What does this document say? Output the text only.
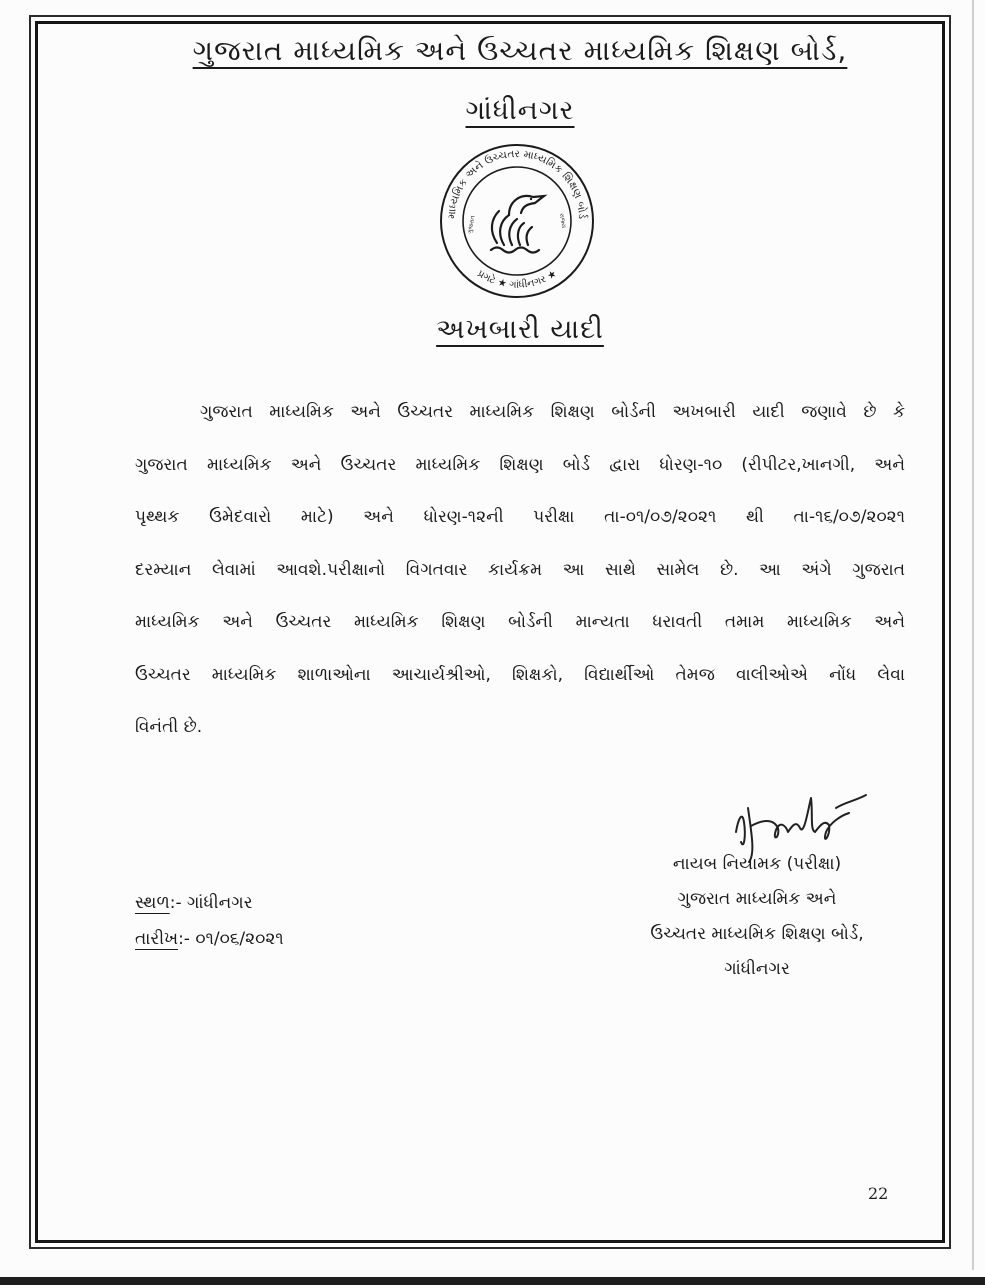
ગુજરાત માધ્યમિક અને ઉચ્ચતર માધ્યમિક શિક્ષણ બોર્ડ,
ગાંધીનગર
માધ્યમિક અને ઉચ્ચતર માધ્યમિક શિક્ષણ બોર્ડ
પ્રગટે ★ ગાંધીનગર ★
ગુજરાત	રાજ્ય
અખબારી યાદી
ગુજરાત માધ્યમિક અને ઉચ્ચતર માધ્યમિક શિક્ષણ બોર્ડની અખબારી યાદી જણાવે છે કે
ગુજરાત માધ્યમિક અને ઉચ્ચતર માધ્યમિક શિક્ષણ બોર્ડ દ્વારા ધોરણ-૧૦ (રીપીટર,ખાનગી, અને
પૃથ્થક ઉમેદવારો માટે) અને ધોરણ-૧૨ની પરીક્ષા તા-૦૧/૦૭/૨૦૨૧ થી તા-૧૬/૦૭/૨૦૨૧
દરમ્યાન લેવામાં આવશે.પરીક્ષાનો વિગતવાર કાર્યક્રમ આ સાથે સામેલ છે. આ અંગે ગુજરાત
માધ્યમિક અને ઉચ્ચતર માધ્યમિક શિક્ષણ બોર્ડની માન્યતા ધરાવતી તમામ માધ્યમિક અને
ઉચ્ચતર માધ્યમિક શાળાઓના આચાર્યશ્રીઓ, શિક્ષકો, વિદ્યાર્થીઓ તેમજ વાલીઓએ નોંધ લેવા
વિનંતી છે.
નાયબ નિયામક (પરીક્ષા)
ગુજરાત માધ્યમિક અને
ઉચ્ચતર માધ્યમિક શિક્ષણ બોર્ડ,
ગાંધીનગર
સ્થળ:- ગાંધીનગર
તારીખ:- ૦૧/૦૬/૨૦૨૧
22
